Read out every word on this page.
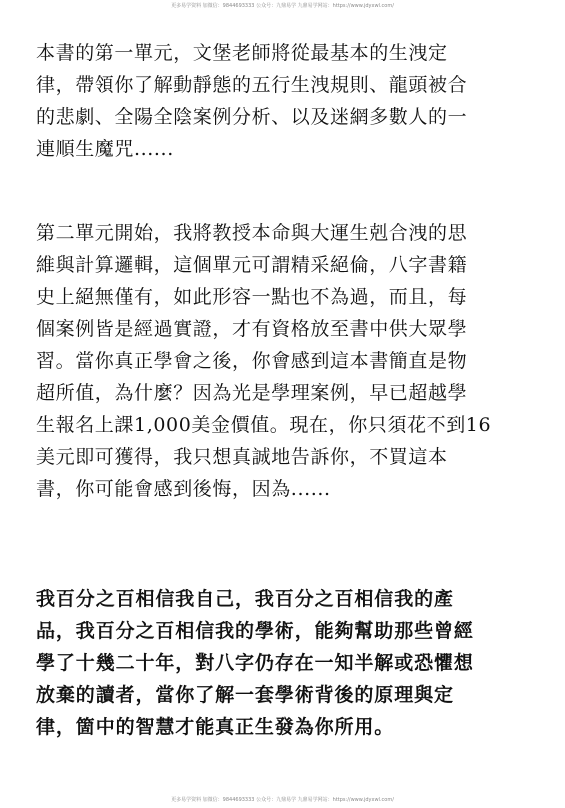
更多易学资料 加微信：9844693333 公众号：九鼎易学 九鼎易学网站：https://www.jdyxwl.com/
本書的第一單元，文堡老師將從最基本的生洩定
律，帶領你了解動靜態的五行生洩規則、龍頭被合
的悲劇、全陽全陰案例分析、以及迷網多數人的一
連順生魔咒......
第二單元開始，我將教授本命與大運生剋合洩的思
維與計算邏輯，這個單元可謂精采絕倫，八字書籍
史上絕無僅有，如此形容一點也不為過，而且，每
個案例皆是經過實證，才有資格放至書中供大眾學
習。當你真正學會之後，你會感到這本書簡直是物
超所值，為什麼？因為光是學理案例，早已超越學
生報名上課1,000美金價值。現在，你只須花不到16
美元即可獲得，我只想真誠地告訴你，不買這本
書，你可能會感到後悔，因為......
我百分之百相信我自己，我百分之百相信我的產
品，我百分之百相信我的學術，能夠幫助那些曾經
學了十幾二十年，對八字仍存在一知半解或恐懼想
放棄的讀者，當你了解一套學術背後的原理與定
律，箇中的智慧才能真正生發為你所用。
更多易学资料 加微信：9844693333 公众号：九鼎易学 九鼎易学网站：https://www.jdyxwl.com/
